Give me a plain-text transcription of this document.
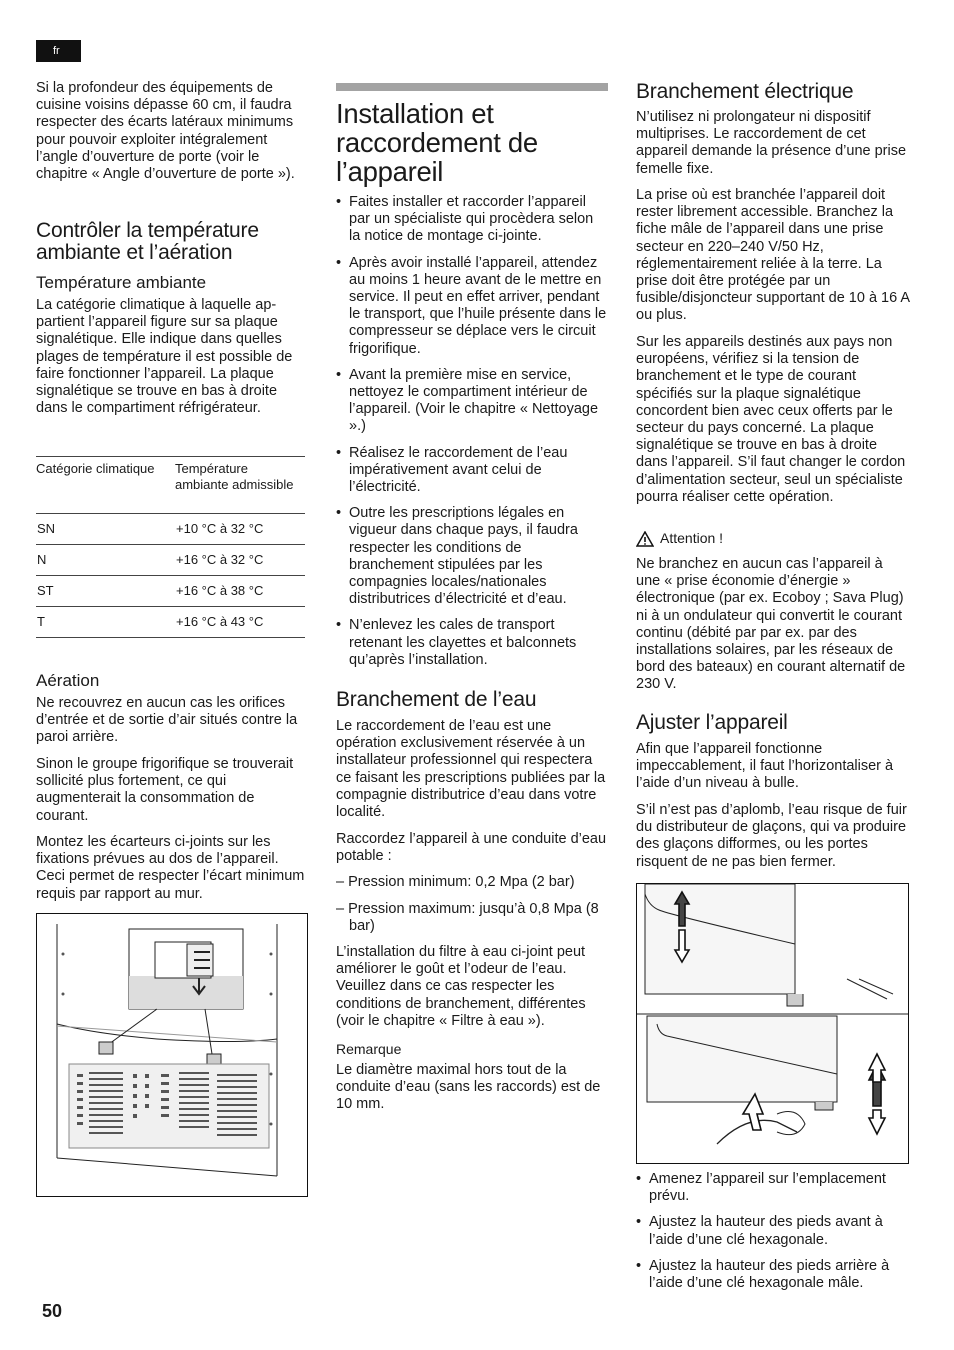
fr

Si la profondeur des équipements de cuisine voisins dépasse 60 cm, il faudra respecter des écarts latéraux minimums pour pouvoir exploiter intégralement l’angle d’ouverture de porte (voir le chapitre « Angle d’ouverture de porte »).

Contrôler la température ambiante et l’aération
Température ambiante

La catégorie climatique à laquelle appartient l’appareil figure sur sa plaque signalétique. Elle indique dans quelles plages de température il est possible de faire fonctionner l’appareil. La plaque signalétique se trouve en bas à droite dans le compartiment réfrigérateur.

Catégorie climatique	Température ambiante admissible
SN	+10 °C à 32 °C
N	+16 °C à 32 °C
ST	+16 °C à 38 °C
T	+16 °C à 43 °C
Aération

Ne recouvrez en aucun cas les orifices d’entrée et de sortie d’air situés contre la paroi arrière.

Sinon le groupe frigorifique se trouverait sollicité plus fortement, ce qui augmenterait la consommation de courant.

Montez les écarteurs ci-joints sur les fixations prévues au dos de l’appareil. Ceci permet de respecter l’écart minimum requis par rapport au mur.

Installation et raccordement de l’appareil
• Faites installer et raccorder l’appareil par un spécialiste qui procèdera selon la notice de montage ci-jointe.
• Après avoir installé l’appareil, attendez au moins 1 heure avant de le mettre en service. Il peut en effet arriver, pendant le transport, que l’huile présente dans le compresseur se déplace vers le circuit frigorifique.
• Avant la première mise en service, nettoyez le compartiment intérieur de l’appareil. (Voir le chapitre « Nettoyage ».)
• Réalisez le raccordement de l’eau impérativement avant celui de l’électricité.
• Outre les prescriptions légales en vigueur dans chaque pays, il faudra respecter les conditions de branchement stipulées par les compagnies locales/nationales distributrices d’électricité et d’eau.
• N’enlevez les cales de transport retenant les clayettes et balconnets qu’après l’installation.
Branchement de l’eau

Le raccordement de l’eau est une opération exclusivement réservée à un installateur professionnel qui respectera ce faisant les prescriptions publiées par la compagnie distributrice d’eau dans votre localité.

Raccordez l’appareil à une conduite d’eau potable :

– Pression minimum: 0,2 Mpa (2 bar)

– Pression maximum: jusqu’à 0,8 Mpa (8 bar)

L’installation du filtre à eau ci-joint peut améliorer le goût et l’odeur de l’eau. Veuillez dans ce cas respecter les conditions de branchement, différentes (voir le chapitre « Filtre à eau »).

Remarque

Le diamètre maximal hors tout de la conduite d’eau (sans les raccords) est de 10 mm.

Branchement électrique

N’utilisez ni prolongateur ni dispositif multiprises. Le raccordement de cet appareil demande la présence d’une prise femelle fixe.

La prise où est branchée l’appareil doit rester librement accessible. Branchez la fiche mâle de l’appareil dans une prise secteur en 220–240 V/50 Hz, réglementairement reliée à la terre. La prise doit être protégée par un fusible/disjoncteur supportant de 10 à 16 A ou plus.

Sur les appareils destinés aux pays non européens, vérifiez si la tension de branchement et le type de courant spécifiés sur la plaque signalétique concordent bien avec ceux offerts par le secteur du pays concerné. La plaque signalétique se trouve en bas à droite dans l’appareil. S’il faut changer le cordon d’alimentation secteur, seul un spécialiste pourra réaliser cette opération.

Attention !

Ne branchez en aucun cas l’appareil à une « prise économie d’énergie » électronique (par ex. Ecoboy ; Sava Plug) ni à un ondulateur qui convertit le courant continu (débité par par ex. par des installations solaires, par les réseaux de bord des bateaux) en courant alternatif de 230 V.

Ajuster l’appareil

Afin que l’appareil fonctionne impeccablement, il faut l’horizontaliser à l’aide d’un niveau à bulle.

S’il n’est pas d’aplomb, l’eau risque de fuir du distributeur de glaçons, qui va produire des glaçons difformes, ou les portes risquent de ne pas bien fermer.

• Amenez l’appareil sur l’emplacement prévu.
• Ajustez la hauteur des pieds avant à l’aide d’une clé hexagonale.
• Ajustez la hauteur des pieds arrière à l’aide d’une clé hexagonale mâle.
50
